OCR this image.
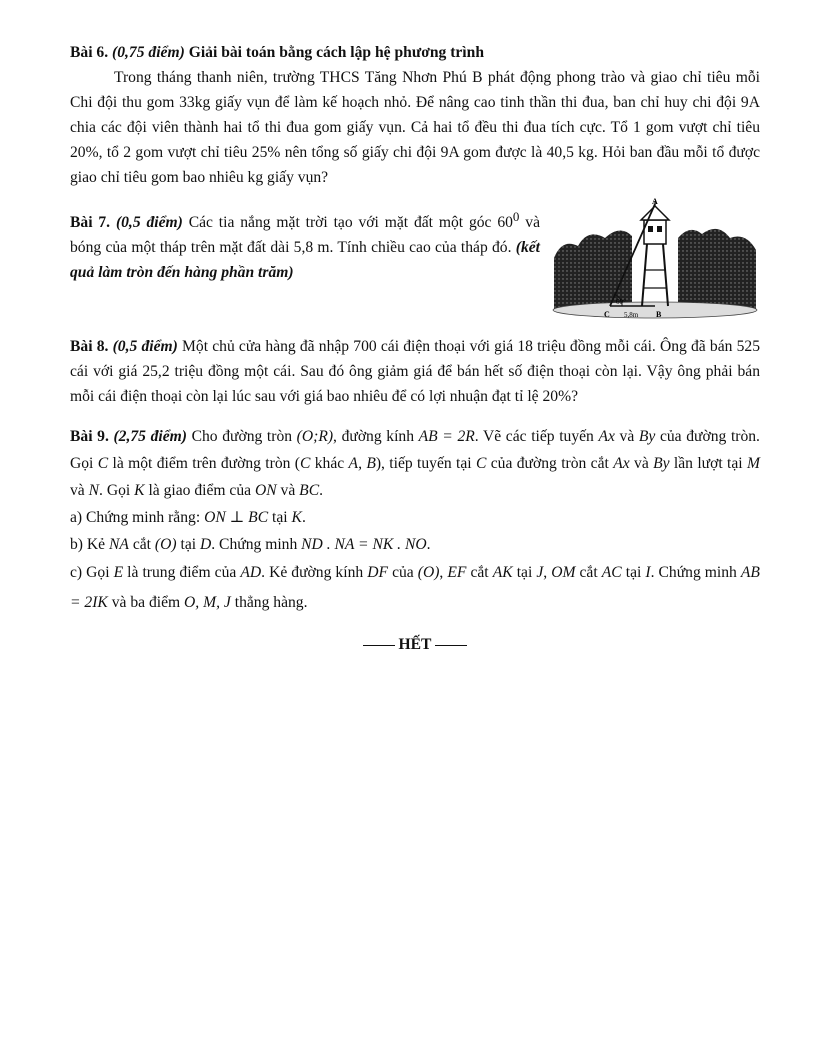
Bài 6. (0,75 điểm) Giải bài toán bằng cách lập hệ phương trình

Trong tháng thanh niên, trường THCS Tăng Nhơn Phú B phát động phong trào và giao chỉ tiêu mỗi Chi đội thu gom 33kg giấy vụn để làm kế hoạch nhỏ. Để nâng cao tinh thần thi đua, ban chỉ huy chi đội 9A chia các đội viên thành hai tổ thi đua gom giấy vụn. Cả hai tổ đều thi đua tích cực. Tổ 1 gom vượt chỉ tiêu 20%, tổ 2 gom vượt chỉ tiêu 25% nên tổng số giấy chi đội 9A gom được là 40,5 kg. Hỏi ban đầu mỗi tổ được giao chỉ tiêu gom bao nhiêu kg giấy vụn?

Bài 7. (0,5 điểm) Các tia nắng mặt trời tạo với mặt đất một góc $60^0$ và bóng của một tháp trên mặt đất dài 5,8 m. Tính chiều cao của tháp đó. (kết quả làm tròn đến hàng phần trăm)

A
B
C
60°
5,8m

Bài 8. (0,5 điểm) Một chủ cửa hàng đã nhập 700 cái điện thoại với giá 18 triệu đồng mỗi cái. Ông đã bán 525 cái với giá 25,2 triệu đồng một cái. Sau đó ông giảm giá để bán hết số điện thoại còn lại. Vậy ông phải bán mỗi cái điện thoại còn lại lúc sau với giá bao nhiêu để có lợi nhuận đạt tỉ lệ 20%?

Bài 9. (2,75 điểm) Cho đường tròn (O;R), đường kính AB = 2R. Vẽ các tiếp tuyến Ax và By của đường tròn. Gọi C là một điểm trên đường tròn (C khác A, B), tiếp tuyến tại C của đường tròn cắt Ax và By lần lượt tại M và N. Gọi K là giao điểm của ON và BC.

a) Chứng minh rằng: ON ⊥ BC tại K.

b) Kẻ NA cắt (O) tại D. Chứng minh ND . NA = NK . NO.

c) Gọi E là trung điểm của AD. Kẻ đường kính DF của (O), EF cắt AK tại J, OM cắt AC tại I. Chứng minh AB = 2IK và ba điểm O, M, J thẳng hàng.

HẾT
